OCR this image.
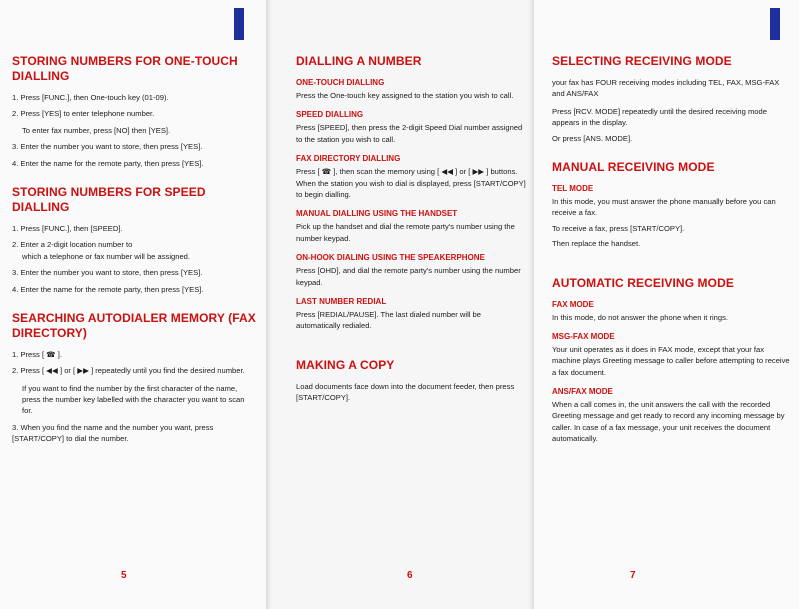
STORING NUMBERS FOR ONE-TOUCH DIALLING
1. Press [FUNC.], then One-touch key (01-09).
2. Press [YES] to enter telephone number.
To enter fax number, press [NO] then [YES].
3. Enter the number you want to store, then press [YES].
4. Enter the name for the remote party, then press [YES].
STORING NUMBERS FOR SPEED DIALLING
1. Press [FUNC.], then [SPEED].
2. Enter a 2-digit location number to
which a telephone or fax number will be assigned.
3. Enter the number you want to store, then press [YES].
4. Enter the name for the remote party, then press [YES].
SEARCHING AUTODIALER MEMORY (FAX DIRECTORY)
1. Press [ ☎ ].
2. Press [ ◀◀ ] or [ ▶▶ ] repeatedly until you find the desired number.
If you want to find the number by the first character of the name, press the number key labelled with the character you want to scan for.
3. When you find the name and the number you want, press [START/COPY] to dial the number.
5
DIALLING A NUMBER
ONE-TOUCH DIALLING

Press the One-touch key assigned to the station you wish to call.

SPEED DIALLING

Press [SPEED], then press the 2-digit Speed Dial number assigned to the station you wish to call.

FAX DIRECTORY DIALLING

Press [ ☎ ], then scan the memory using [ ◀◀ ] or [ ▶▶ ] buttons.

When the station you wish to dial is displayed, press [START/COPY] to begin dialling.

MANUAL DIALLING USING THE HANDSET

Pick up the handset and dial the remote party's number using the number keypad.

ON-HOOK DIALING USING THE SPEAKERPHONE

Press [OHD], and dial the remote party's number using the number keypad.

LAST NUMBER REDIAL

Press [REDIAL/PAUSE]. The last dialed number will be automatically redialed.

MAKING A COPY

Load documents face down into the document feeder, then press [START/COPY].

6
SELECTING RECEIVING MODE

your fax has FOUR receiving modes including TEL, FAX, MSG-FAX and ANS/FAX

Press [RCV. MODE] repeatedly until the desired receiving mode appears in the display.

Or press [ANS. MODE].

MANUAL RECEIVING MODE
TEL MODE

In this mode, you must answer the phone manually before you can receive a fax.

To receive a fax, press [START/COPY].

Then replace the handset.

AUTOMATIC RECEIVING MODE
FAX MODE

In this mode, do not answer the phone when it rings.

MSG-FAX MODE

Your unit operates as it does in FAX mode, except that your fax machine plays Greeting message to caller before attempting to receive a fax document.

ANS/FAX MODE

When a call comes in, the unit answers the call with the recorded Greeting message and get ready to record any incoming message by caller. In case of a fax message, your unit receives the document automatically.

7
